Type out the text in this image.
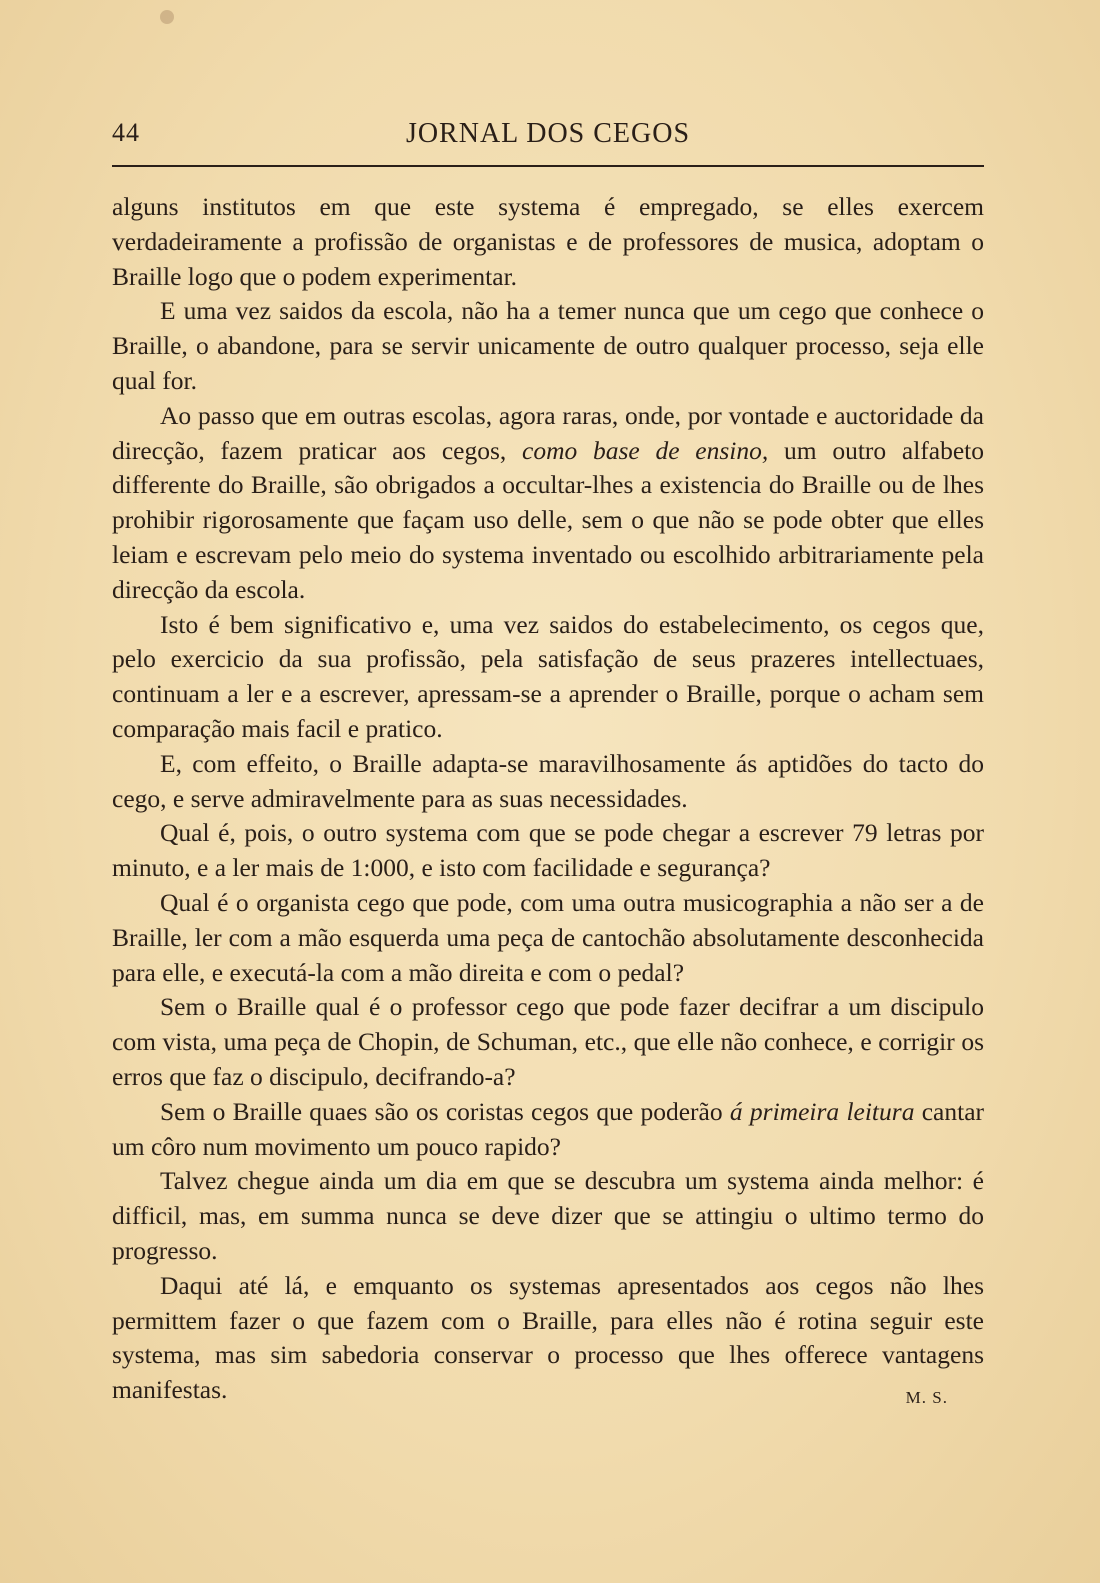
44	JORNAL DOS CEGOS

alguns institutos em que este systema é empregado, se elles exercem verdadeiramente a profissão de organistas e de professores de musica, adoptam o Braille logo que o podem experimentar.

E uma vez saidos da escola, não ha a temer nunca que um cego que conhece o Braille, o abandone, para se servir unicamente de outro qualquer processo, seja elle qual for.

Ao passo que em outras escolas, agora raras, onde, por vontade e auctoridade da direcção, fazem praticar aos cegos, como base de ensino, um outro alfabeto differente do Braille, são obrigados a occultar-lhes a existencia do Braille ou de lhes prohibir rigorosamente que façam uso delle, sem o que não se pode obter que elles leiam e escrevam pelo meio do systema inventado ou escolhido arbitrariamente pela direcção da escola.

Isto é bem significativo e, uma vez saidos do estabelecimento, os cegos que, pelo exercicio da sua profissão, pela satisfação de seus prazeres intellectuaes, continuam a ler e a escrever, apressam-se a aprender o Braille, porque o acham sem comparação mais facil e pratico.

E, com effeito, o Braille adapta-se maravilhosamente ás aptidões do tacto do cego, e serve admiravelmente para as suas necessidades.

Qual é, pois, o outro systema com que se pode chegar a escrever 79 letras por minuto, e a ler mais de 1:000, e isto com facilidade e segurança?

Qual é o organista cego que pode, com uma outra musicographia a não ser a de Braille, ler com a mão esquerda uma peça de cantochão absolutamente desconhecida para elle, e executá-la com a mão direita e com o pedal?

Sem o Braille qual é o professor cego que pode fazer decifrar a um discipulo com vista, uma peça de Chopin, de Schuman, etc., que elle não conhece, e corrigir os erros que faz o discipulo, decifrando-a?

Sem o Braille quaes são os coristas cegos que poderão á primeira leitura cantar um côro num movimento um pouco rapido?

Talvez chegue ainda um dia em que se descubra um systema ainda melhor: é difficil, mas, em summa nunca se deve dizer que se attingiu o ultimo termo do progresso.

Daqui até lá, e emquanto os systemas apresentados aos cegos não lhes permittem fazer o que fazem com o Braille, para elles não é rotina seguir este systema, mas sim sabedoria conservar o processo que lhes offerece vantagens manifestas.	M. S.
